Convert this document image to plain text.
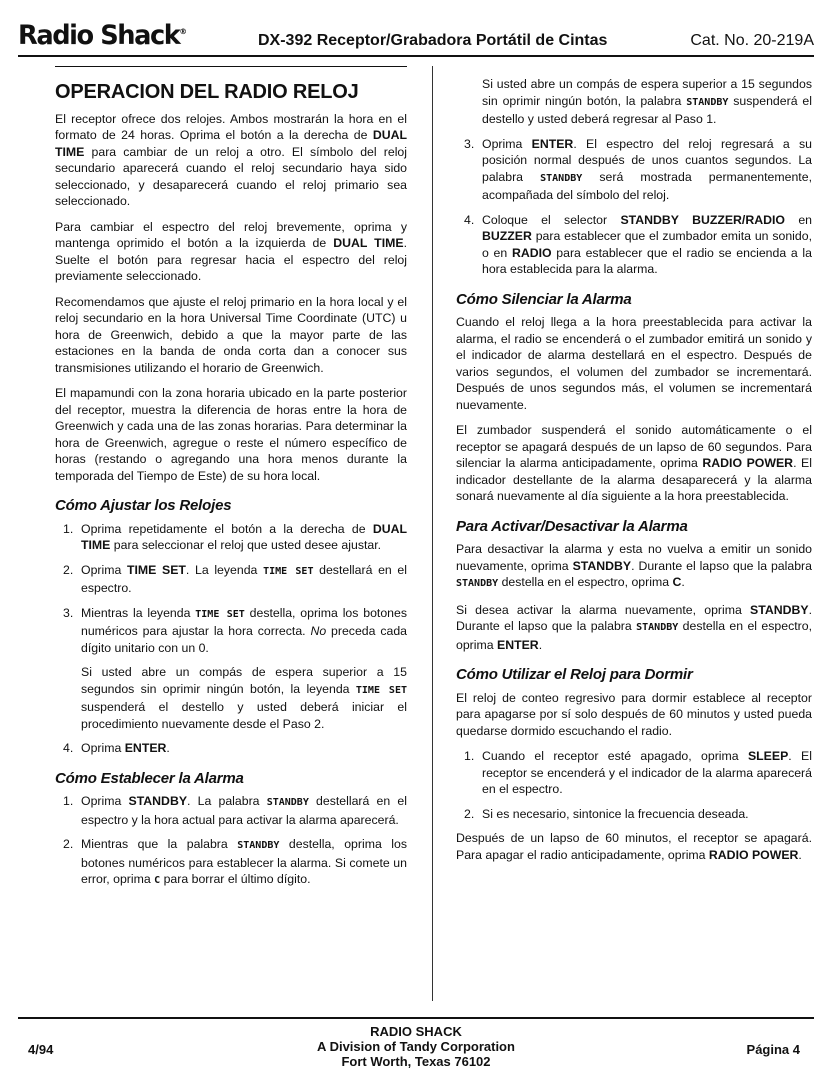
Radio Shack®
DX-392 Receptor/Grabadora Portátil de Cintas	Cat. No. 20-219A
OPERACION DEL RADIO RELOJ

El receptor ofrece dos relojes. Ambos mostrarán la hora en el formato de 24 horas. Oprima el botón a la derecha de DUAL TIME para cambiar de un reloj a otro. El símbolo del reloj secundario aparecerá cuando el reloj secundario haya sido seleccionado, y desaparecerá cuando el reloj primario sea seleccionado.

Para cambiar el espectro del reloj brevemente, oprima y mantenga oprimido el botón a la izquierda de DUAL TIME. Suelte el botón para regresar hacia el espectro del reloj previamente seleccionado.

Recomendamos que ajuste el reloj primario en la hora local y el reloj secundario en la hora Universal Time Coordinate (UTC) u hora de Greenwich, debido a que la mayor parte de las estaciones en la banda de onda corta dan a conocer sus transmisiones utilizando el horario de Greenwich.

El mapamundi con la zona horaria ubicado en la parte posterior del receptor, muestra la diferencia de horas entre la hora de Greenwich y cada una de las zonas horarias. Para determinar la hora de Greenwich, agregue o reste el número específico de horas (restando o agregando una hora menos durante la temporada del Tiempo de Este) de su hora local.

Cómo Ajustar los Relojes
1. Oprima repetidamente el botón a la derecha de DUAL TIME para seleccionar el reloj que usted desee ajustar.

2. Oprima TIME SET. La leyenda TIME SET destellará en el espectro.

3. Mientras la leyenda TIME SET destella, oprima los botones numéricos para ajustar la hora correcta. No preceda cada dígito unitario con un 0.

Si usted abre un compás de espera superior a 15 segundos sin oprimir ningún botón, la leyenda TIME SET suspenderá el destello y usted deberá iniciar el procedimiento nuevamente desde el Paso 2.

4. Oprima ENTER.

Cómo Establecer la Alarma
1. Oprima STANDBY. La palabra STANDBY destellará en el espectro y la hora actual para activar la alarma aparecerá.

2. Mientras que la palabra STANDBY destella, oprima los botones numéricos para establecer la alarma. Si comete un error, oprima C para borrar el último dígito.

Si usted abre un compás de espera superior a 15 segundos sin oprimir ningún botón, la palabra STANDBY suspenderá el destello y usted deberá regresar al Paso 1.

3. Oprima ENTER. El espectro del reloj regresará a su posición normal después de unos cuantos segundos. La palabra STANDBY será mostrada permanentemente, acompañada del símbolo del reloj.

4. Coloque el selector STANDBY BUZZER/RADIO en BUZZER para establecer que el zumbador emita un sonido, o en RADIO para establecer que el radio se encienda a la hora establecida para la alarma.

Cómo Silenciar la Alarma

Cuando el reloj llega a la hora preestablecida para activar la alarma, el radio se encenderá o el zumbador emitirá un sonido y el indicador de alarma destellará en el espectro. Después de varios segundos, el volumen del zumbador se incrementará. Después de unos segundos más, el volumen se incrementará nuevamente.

El zumbador suspenderá el sonido automáticamente o el receptor se apagará después de un lapso de 60 segundos. Para silenciar la alarma anticipadamente, oprima RADIO POWER. El indicador destellante de la alarma desaparecerá y la alarma sonará nuevamente al día siguiente a la hora preestablecida.

Para Activar/Desactivar la Alarma

Para desactivar la alarma y esta no vuelva a emitir un sonido nuevamente, oprima STANDBY. Durante el lapso que la palabra STANDBY destella en el espectro, oprima C.

Si desea activar la alarma nuevamente, oprima STANDBY. Durante el lapso que la palabra STANDBY destella en el espectro, oprima ENTER.

Cómo Utilizar el Reloj para Dormir

El reloj de conteo regresivo para dormir establece al receptor para apagarse por sí solo después de 60 minutos y usted pueda quedarse dormido escuchando el radio.

1. Cuando el receptor esté apagado, oprima SLEEP. El receptor se encenderá y el indicador de la alarma aparecerá en el espectro.

2. Si es necesario, sintonice la frecuencia deseada.

Después de un lapso de 60 minutos, el receptor se apagará. Para apagar el radio anticipadamente, oprima RADIO POWER.

4/94
RADIO SHACK
A Division of Tandy Corporation
Fort Worth, Texas 76102
Página 4
